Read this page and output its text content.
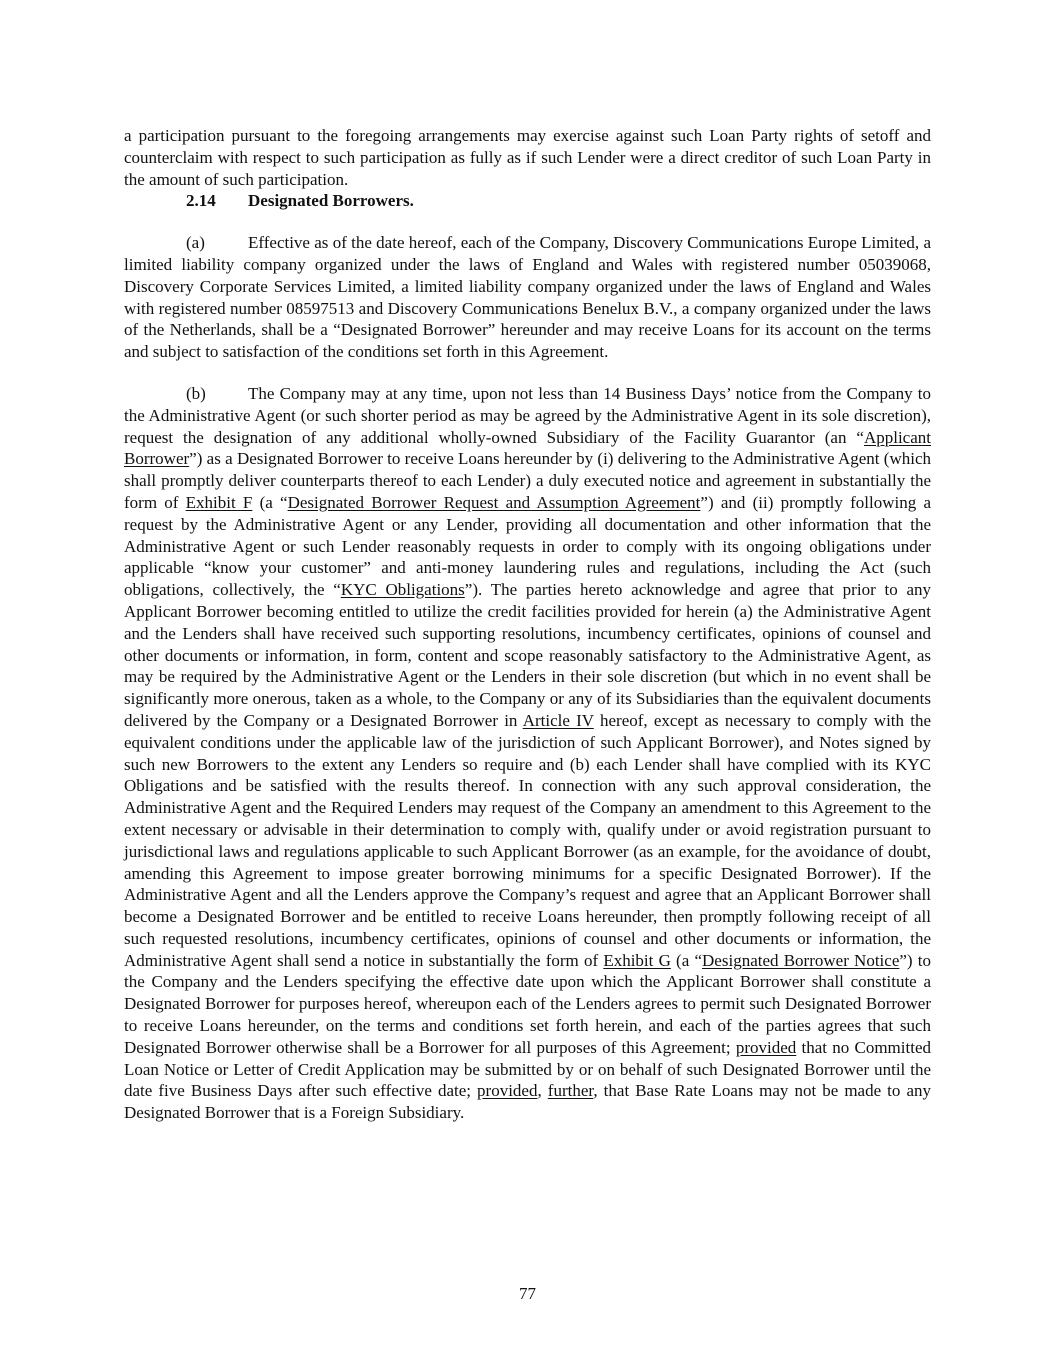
a participation pursuant to the foregoing arrangements may exercise against such Loan Party rights of setoff and counterclaim with respect to such participation as fully as if such Lender were a direct creditor of such Loan Party in the amount of such participation.

2.14 Designated Borrowers.

(a)	Effective as of the date hereof, each of the Company, Discovery Communications Europe Limited, a limited liability company organized under the laws of England and Wales with registered number 05039068, Discovery Corporate Services Limited, a limited liability company organized under the laws of England and Wales with registered number 08597513 and Discovery Communications Benelux B.V., a company organized under the laws of the Netherlands, shall be a “Designated Borrower” hereunder and may receive Loans for its account on the terms and subject to satisfaction of the conditions set forth in this Agreement.

(b) The Company may at any time, upon not less than 14 Business Days’ notice from the Company to the Administrative Agent (or such shorter period as may be agreed by the Administrative Agent in its sole discretion), request the designation of any additional wholly-owned Subsidiary of the Facility Guarantor (an “Applicant Borrower”) as a Designated Borrower to receive Loans hereunder by (i) delivering to the Administrative Agent (which shall promptly deliver counterparts thereof to each Lender) a duly executed notice and agreement in substantially the form of Exhibit F (a “Designated Borrower Request and Assumption Agreement”) and (ii) promptly following a request by the Administrative Agent or any Lender, providing all documentation and other information that the Administrative Agent or such Lender reasonably requests in order to comply with its ongoing obligations under applicable “know your customer” and anti-money laundering rules and regulations, including the Act (such obligations, collectively, the “KYC Obligations”). The parties hereto acknowledge and agree that prior to any Applicant Borrower becoming entitled to utilize the credit facilities provided for herein (a) the Administrative Agent and the Lenders shall have received such supporting resolutions, incumbency certificates, opinions of counsel and other documents or information, in form, content and scope reasonably satisfactory to the Administrative Agent, as may be required by the Administrative Agent or the Lenders in their sole discretion (but which in no event shall be significantly more onerous, taken as a whole, to the Company or any of its Subsidiaries than the equivalent documents delivered by the Company or a Designated Borrower in Article IV hereof, except as necessary to comply with the equivalent conditions under the applicable law of the jurisdiction of such Applicant Borrower), and Notes signed by such new Borrowers to the extent any Lenders so require and (b) each Lender shall have complied with its KYC Obligations and be satisfied with the results thereof. In connection with any such approval consideration, the Administrative Agent and the Required Lenders may request of the Company an amendment to this Agreement to the extent necessary or advisable in their determination to comply with, qualify under or avoid registration pursuant to jurisdictional laws and regulations applicable to such Applicant Borrower (as an example, for the avoidance of doubt, amending this Agreement to impose greater borrowing minimums for a specific Designated Borrower). If the Administrative Agent and all the Lenders approve the Company’s request and agree that an Applicant Borrower shall become a Designated Borrower and be entitled to receive Loans hereunder, then promptly following receipt of all such requested resolutions, incumbency certificates, opinions of counsel and other documents or information, the Administrative Agent shall send a notice in substantially the form of Exhibit G (a “Designated Borrower Notice”) to the Company and the Lenders specifying the effective date upon which the Applicant Borrower shall constitute a Designated Borrower for purposes hereof, whereupon each of the Lenders agrees to permit such Designated Borrower to receive Loans hereunder, on the terms and conditions set forth herein, and each of the parties agrees that such Designated Borrower otherwise shall be a Borrower for all purposes of this Agreement; provided that no Committed Loan Notice or Letter of Credit Application may be submitted by or on behalf of such Designated Borrower until the date five Business Days after such effective date; provided, further, that Base Rate Loans may not be made to any Designated Borrower that is a Foreign Subsidiary.

77
